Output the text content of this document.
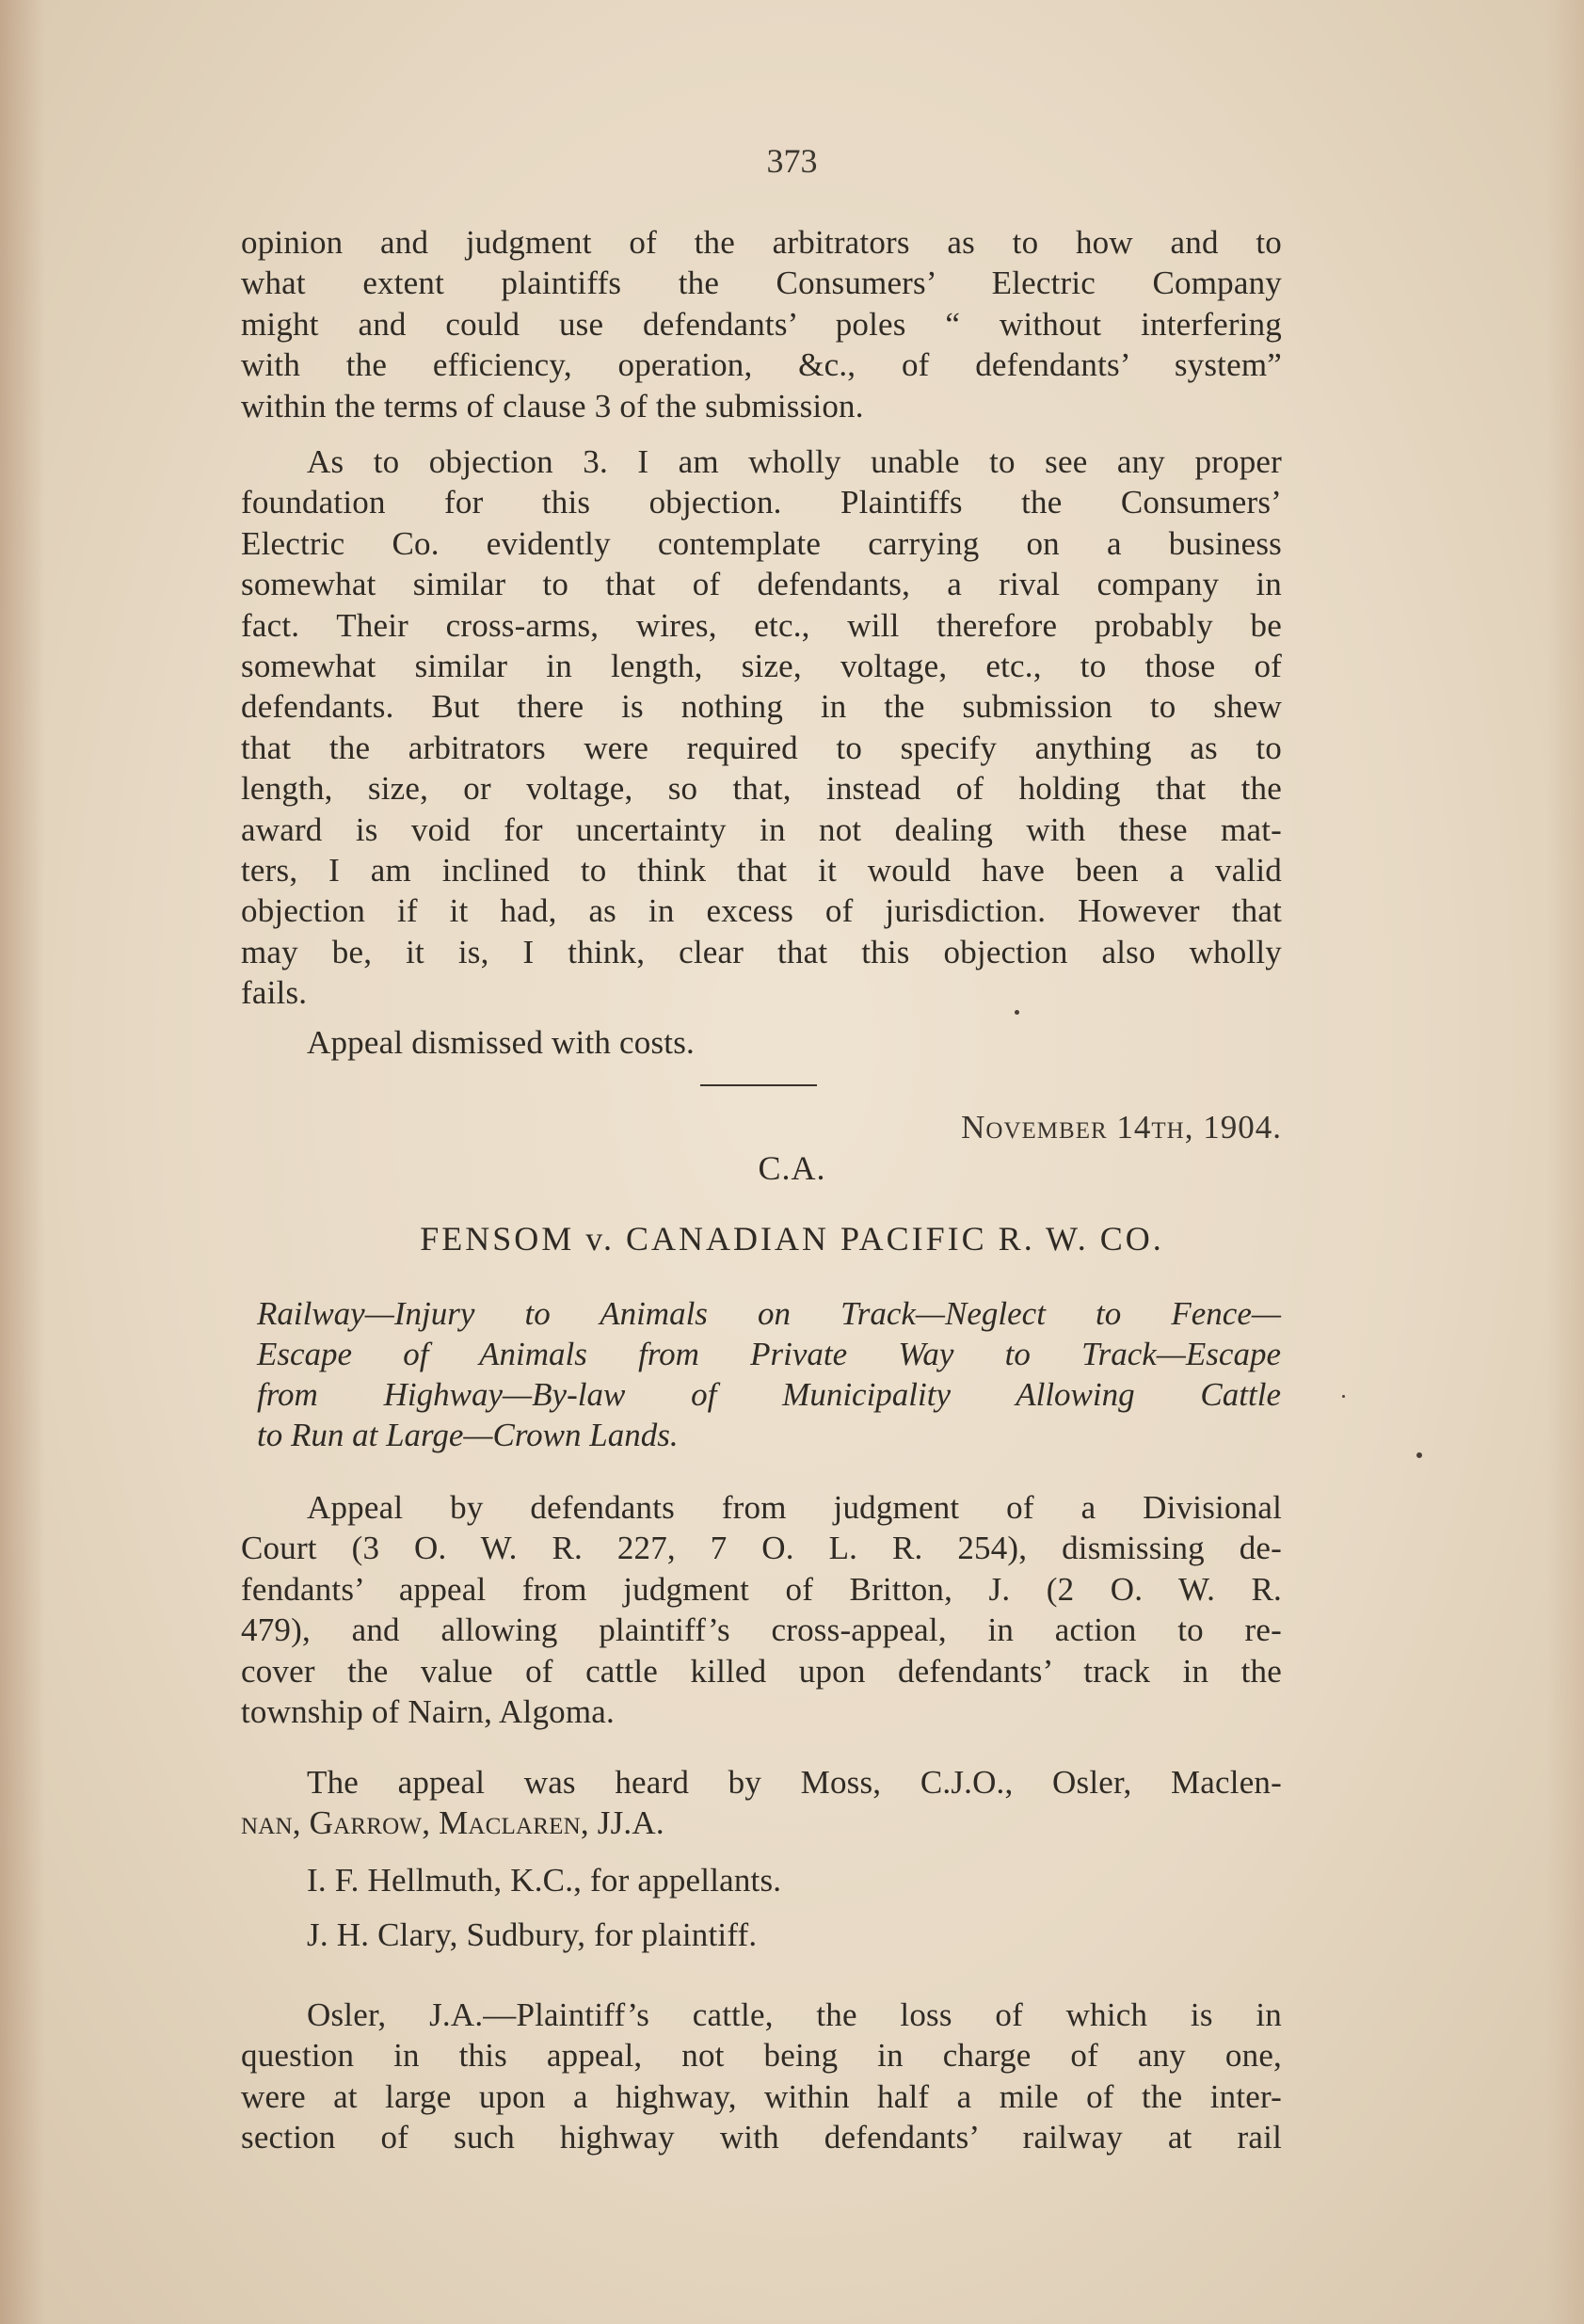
373
opinion and judgment of the arbitrators as to how and to
what extent plaintiffs the Consumers’ Electric Company
might and could use defendants’ poles “ without interfering
with the efficiency, operation, &c., of defendants’ system”
within the terms of clause 3 of the submission.
As to objection 3. I am wholly unable to see any proper
foundation for this objection. Plaintiffs the Consumers’
Electric Co. evidently contemplate carrying on a business
somewhat similar to that of defendants, a rival company in
fact. Their cross-arms, wires, etc., will therefore probably be
somewhat similar in length, size, voltage, etc., to those of
defendants. But there is nothing in the submission to shew
that the arbitrators were required to specify anything as to
length, size, or voltage, so that, instead of holding that the
award is void for uncertainty in not dealing with these mat-
ters, I am inclined to think that it would have been a valid
objection if it had, as in excess of jurisdiction. However that
may be, it is, I think, clear that this objection also wholly
fails.
Appeal dismissed with costs.
November 14th, 1904.
C.A.
FENSOM v. CANADIAN PACIFIC R. W. CO.
Railway—Injury to Animals on Track—Neglect to Fence—
Escape of Animals from Private Way to Track—Escape
from Highway—By-law of Municipality Allowing Cattle
to Run at Large—Crown Lands.
Appeal by defendants from judgment of a Divisional
Court (3 O. W. R. 227, 7 O. L. R. 254), dismissing de-
fendants’ appeal from judgment of Britton, J. (2 O. W. R.
479), and allowing plaintiff’s cross-appeal, in action to re-
cover the value of cattle killed upon defendants’ track in the
township of Nairn, Algoma.
The appeal was heard by Moss, C.J.O., Osler, Maclen-
nan, Garrow, Maclaren, JJ.A.
I. F. Hellmuth, K.C., for appellants.
J. H. Clary, Sudbury, for plaintiff.
Osler, J.A.—Plaintiff’s cattle, the loss of which is in
question in this appeal, not being in charge of any one,
were at large upon a highway, within half a mile of the inter-
section of such highway with defendants’ railway at rail
